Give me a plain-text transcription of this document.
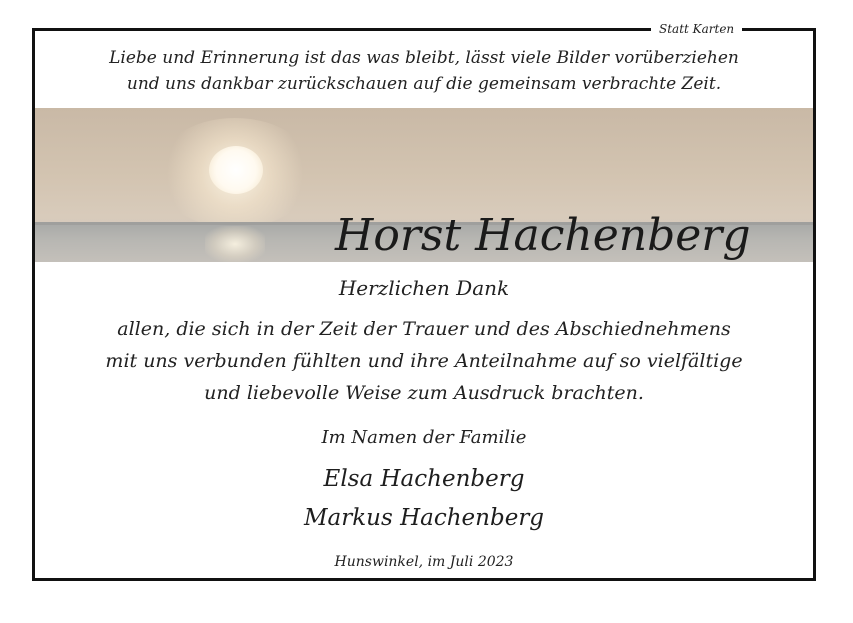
Statt Karten
Liebe und Erinnerung ist das was bleibt, lässt viele Bilder vorüberziehen
und uns dankbar zurückschauen auf die gemeinsam verbrachte Zeit.
Horst Hachenberg
Herzlichen Dank
allen, die sich in der Zeit der Trauer und des Abschiednehmens
mit uns verbunden fühlten und ihre Anteilnahme auf so vielfältige
und liebevolle Weise zum Ausdruck brachten.
Im Namen der Familie
Elsa Hachenberg
Markus Hachenberg
Hunswinkel, im Juli 2023
